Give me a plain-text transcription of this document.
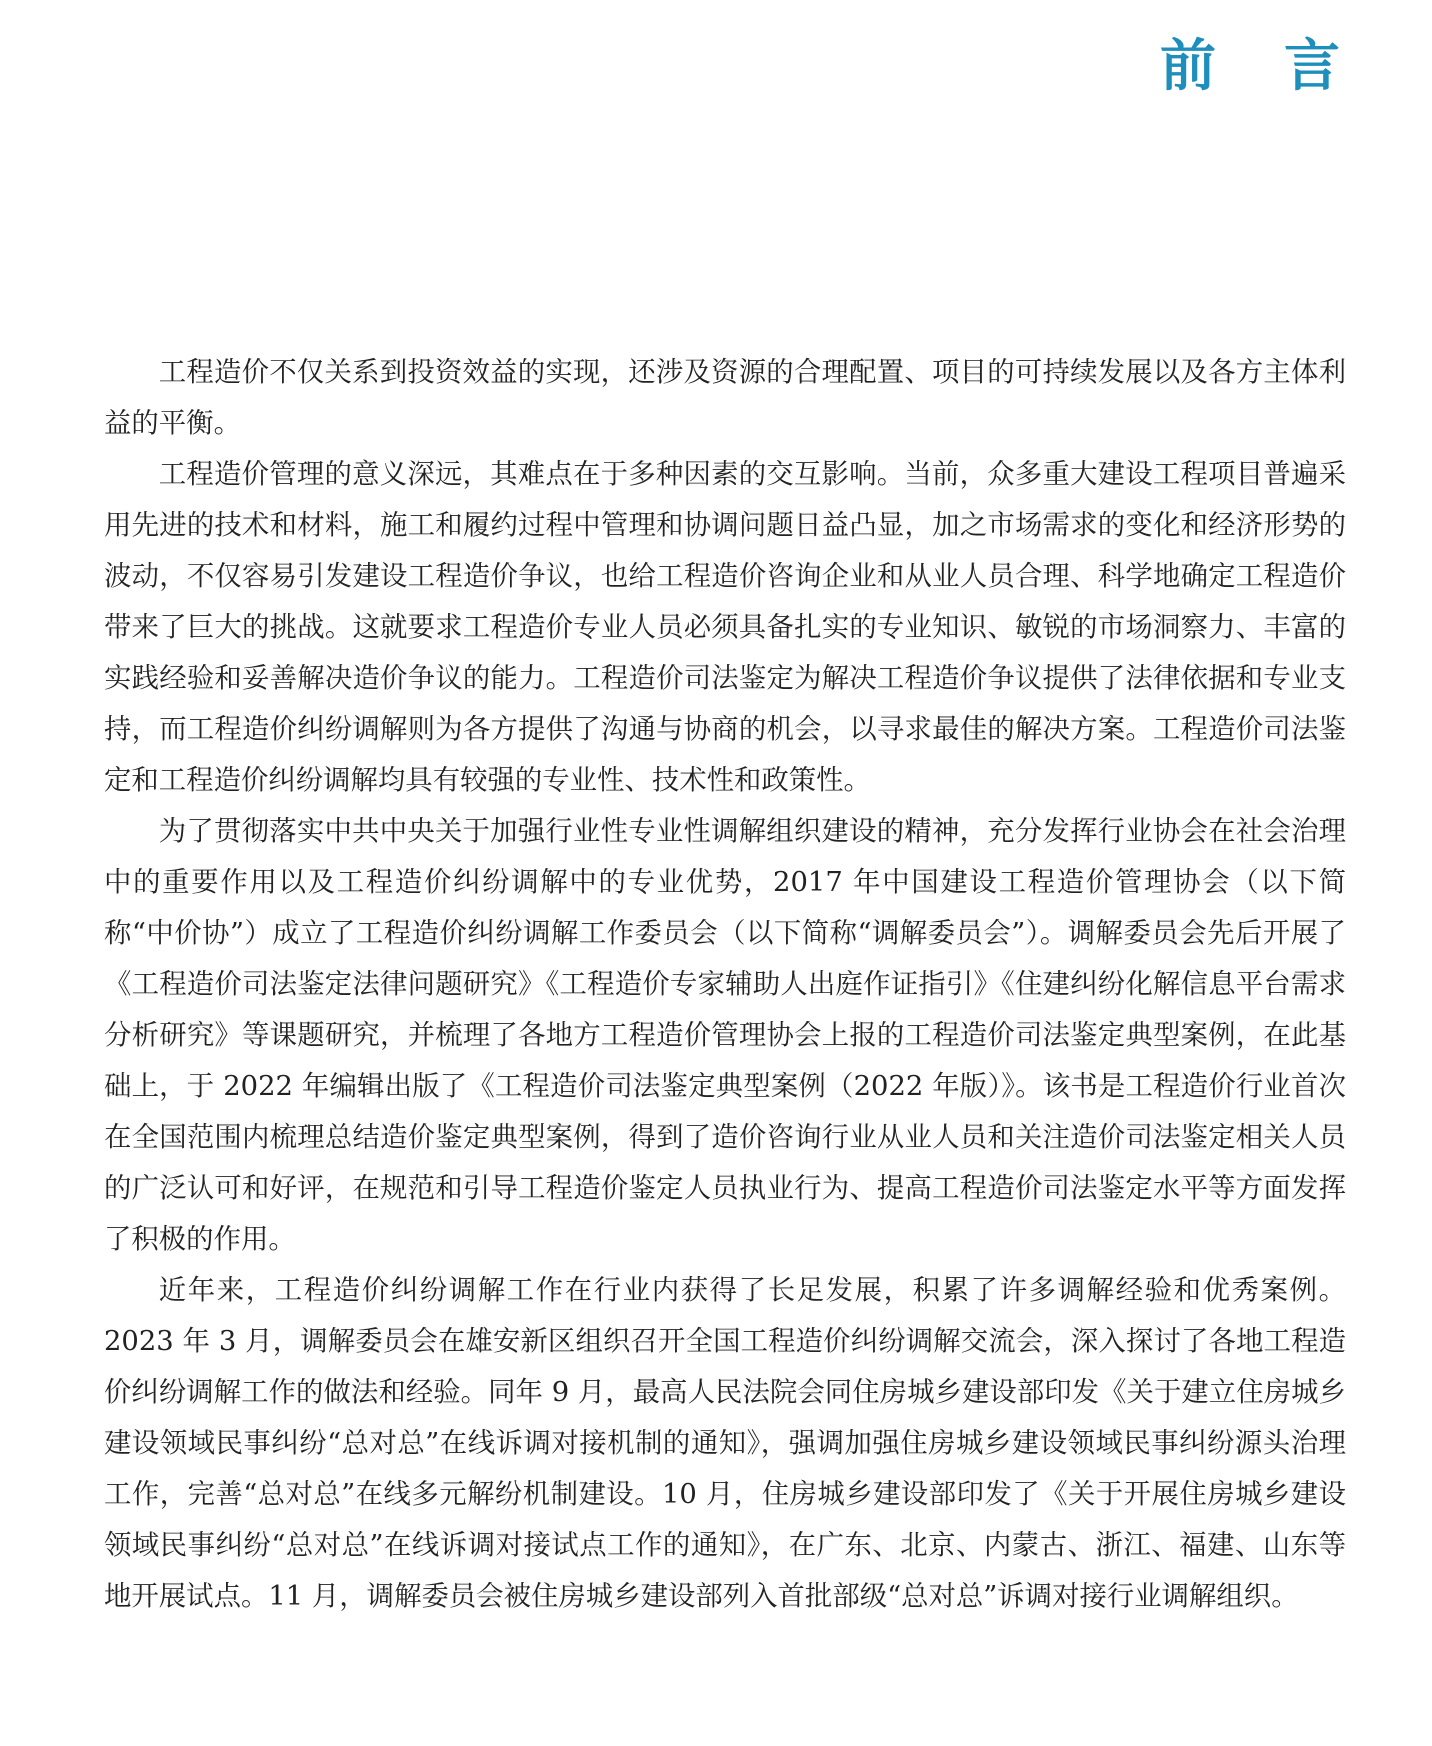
前言

工程造价不仅关系到投资效益的实现，还涉及资源的合理配置、项目的可持续发展以及各方主体利益的平衡。

工程造价管理的意义深远，其难点在于多种因素的交互影响。当前，众多重大建设工程项目普遍采用先进的技术和材料，施工和履约过程中管理和协调问题日益凸显，加之市场需求的变化和经济形势的波动，不仅容易引发建设工程造价争议，也给工程造价咨询企业和从业人员合理、科学地确定工程造价带来了巨大的挑战。这就要求工程造价专业人员必须具备扎实的专业知识、敏锐的市场洞察力、丰富的实践经验和妥善解决造价争议的能力。工程造价司法鉴定为解决工程造价争议提供了法律依据和专业支持，而工程造价纠纷调解则为各方提供了沟通与协商的机会，以寻求最佳的解决方案。工程造价司法鉴定和工程造价纠纷调解均具有较强的专业性、技术性和政策性。

为了贯彻落实中共中央关于加强行业性专业性调解组织建设的精神，充分发挥行业协会在社会治理中的重要作用以及工程造价纠纷调解中的专业优势，2017 年中国建设工程造价管理协会（以下简称“中价协”）成立了工程造价纠纷调解工作委员会（以下简称“调解委员会”）。调解委员会先后开展了《工程造价司法鉴定法律问题研究》《工程造价专家辅助人出庭作证指引》《住建纠纷化解信息平台需求分析研究》等课题研究，并梳理了各地方工程造价管理协会上报的工程造价司法鉴定典型案例，在此基础上，于 2022 年编辑出版了《工程造价司法鉴定典型案例（2022 年版）》。该书是工程造价行业首次在全国范围内梳理总结造价鉴定典型案例，得到了造价咨询行业从业人员和关注造价司法鉴定相关人员的广泛认可和好评，在规范和引导工程造价鉴定人员执业行为、提高工程造价司法鉴定水平等方面发挥了积极的作用。

近年来，工程造价纠纷调解工作在行业内获得了长足发展，积累了许多调解经验和优秀案例。2023 年 3 月，调解委员会在雄安新区组织召开全国工程造价纠纷调解交流会，深入探讨了各地工程造价纠纷调解工作的做法和经验。同年 9 月，最高人民法院会同住房城乡建设部印发《关于建立住房城乡建设领域民事纠纷“总对总”在线诉调对接机制的通知》，强调加强住房城乡建设领域民事纠纷源头治理工作，完善“总对总”在线多元解纷机制建设。10 月，住房城乡建设部印发了《关于开展住房城乡建设领域民事纠纷“总对总”在线诉调对接试点工作的通知》，在广东、北京、内蒙古、浙江、福建、山东等地开展试点。11 月，调解委员会被住房城乡建设部列入首批部级“总对总”诉调对接行业调解组织。
